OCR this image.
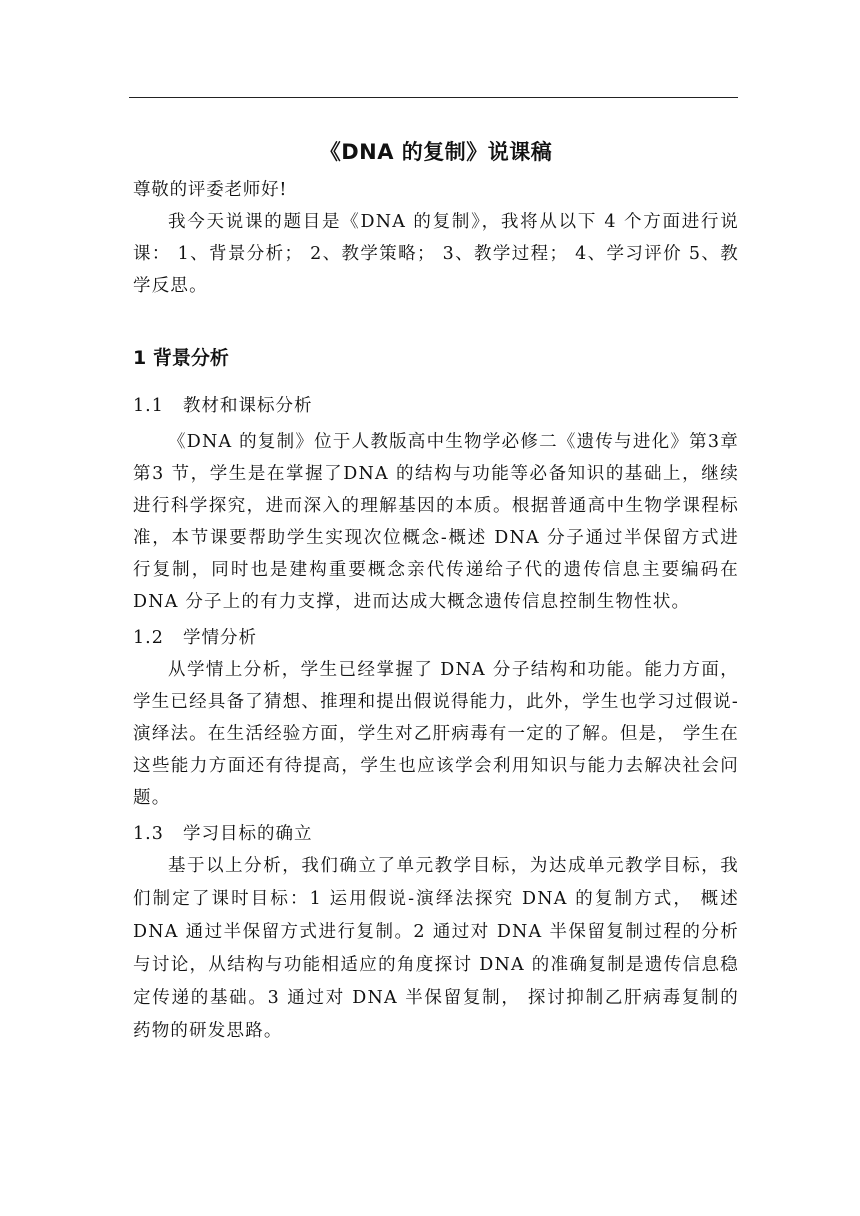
《DNA 的复制》说课稿

尊敬的评委老师好!

我今天说课的题目是《DNA 的复制》，我将从以下 4 个方面进行说课： 1、背景分析； 2、教学策略； 3、教学过程； 4、学习评价 5、教学反思。

1 背景分析
1.1 教材和课标分析

《DNA 的复制》位于人教版高中生物学必修二《遗传与进化》第3章第3 节，学生是在掌握了DNA 的结构与功能等必备知识的基础上，继续进行科学探究，进而深入的理解基因的本质。根据普通高中生物学课程标准，本节课要帮助学生实现次位概念-概述 DNA 分子通过半保留方式进行复制，同时也是建构重要概念亲代传递给子代的遗传信息主要编码在 DNA 分子上的有力支撑，进而达成大概念遗传信息控制生物性状。

1.2 学情分析

从学情上分析，学生已经掌握了 DNA 分子结构和功能。能力方面，学生已经具备了猜想、推理和提出假说得能力，此外，学生也学习过假说-演绎法。在生活经验方面，学生对乙肝病毒有一定的了解。但是， 学生在这些能力方面还有待提高，学生也应该学会利用知识与能力去解决社会问题。

1.3 学习目标的确立

基于以上分析，我们确立了单元教学目标，为达成单元教学目标，我们制定了课时目标：1 运用假说-演绎法探究 DNA 的复制方式， 概述 DNA 通过半保留方式进行复制。2 通过对 DNA 半保留复制过程的分析与讨论，从结构与功能相适应的角度探讨 DNA 的准确复制是遗传信息稳定传递的基础。3 通过对 DNA 半保留复制， 探讨抑制乙肝病毒复制的药物的研发思路。
